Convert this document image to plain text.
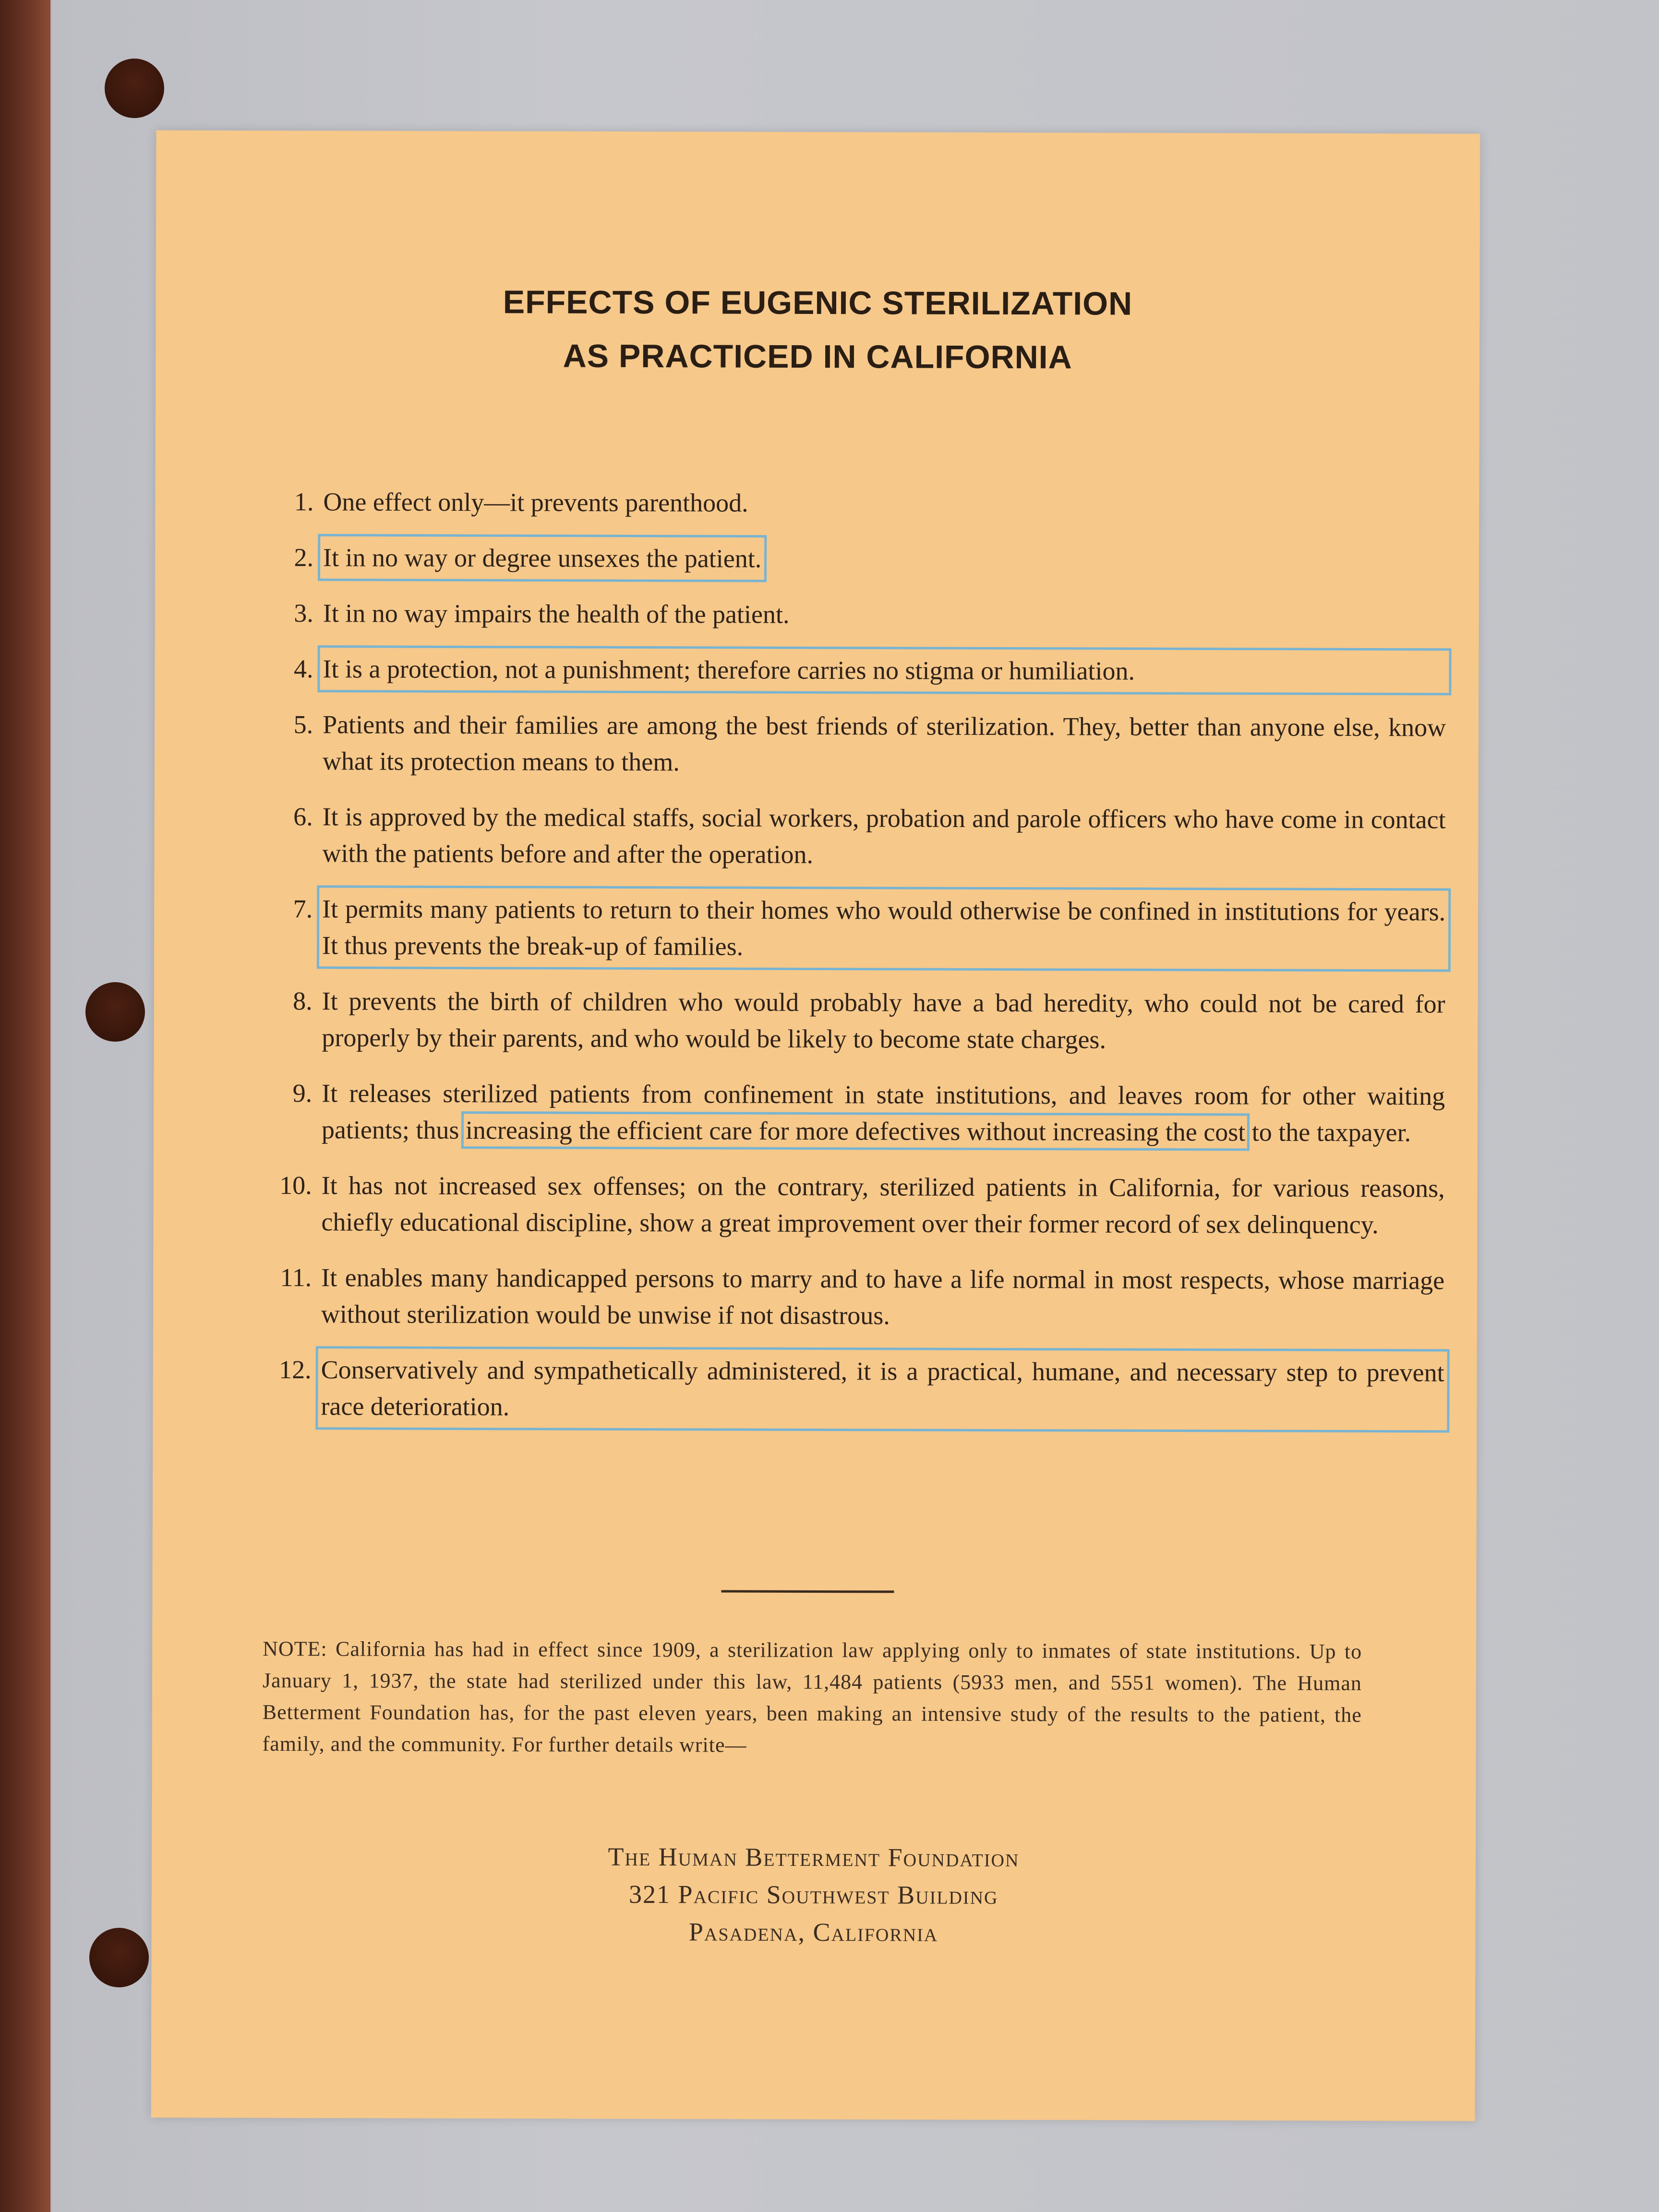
EFFECTS OF EUGENIC STERILIZATION
AS PRACTICED IN CALIFORNIA
1. One effect only—it prevents parenthood.
2. It in no way or degree unsexes the patient.
3. It in no way impairs the health of the patient.
4. It is a protection, not a punishment; therefore carries no stigma or humiliation.
5. Patients and their families are among the best friends of sterilization. They, better than anyone else, know what its protection means to them.
6. It is approved by the medical staffs, social workers, probation and parole officers who have come in contact with the patients before and after the operation.
7. It permits many patients to return to their homes who would otherwise be confined in institutions for years. It thus prevents the break-up of families.
8. It prevents the birth of children who would probably have a bad heredity, who could not be cared for properly by their parents, and who would be likely to become state charges.
9. It releases sterilized patients from confinement in state institutions, and leaves room for other waiting patients; thus increasing the efficient care for more defectives without increasing the cost to the taxpayer.
10. It has not increased sex offenses; on the contrary, sterilized patients in California, for various reasons, chiefly educational discipline, show a great improvement over their former record of sex delinquency.
11. It enables many handicapped persons to marry and to have a life normal in most respects, whose marriage without sterilization would be unwise if not disastrous.
12. Conservatively and sympathetically administered, it is a practical, humane, and necessary step to prevent race deterioration.
NOTE: California has had in effect since 1909, a sterilization law applying only to inmates of state institutions. Up to January 1, 1937, the state had sterilized under this law, 11,484 patients (5933 men, and 5551 women). The Human Betterment Foundation has, for the past eleven years, been making an intensive study of the results to the patient, the family, and the community. For further details write—
The Human Betterment Foundation
321 Pacific Southwest Building
Pasadena, California
